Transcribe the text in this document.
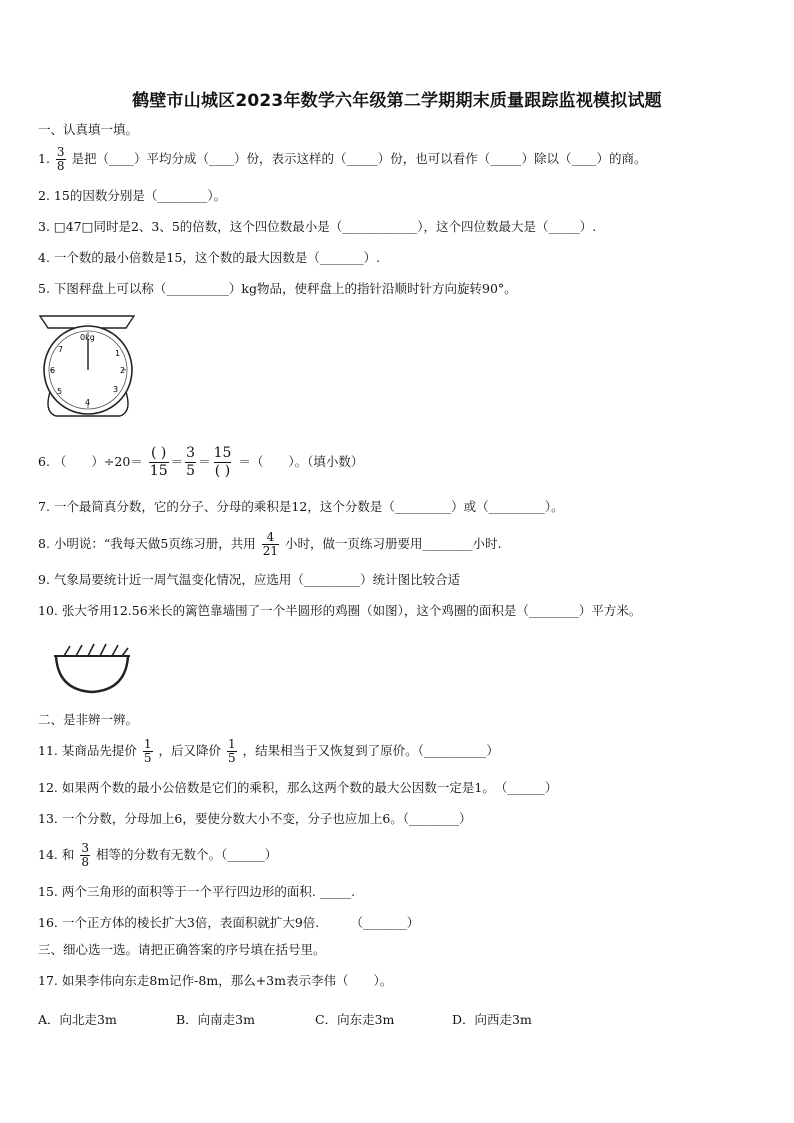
鹤壁市山城区2023年数学六年级第二学期期末质量跟踪监视模拟试题
一、认真填一填。
1. $\frac{3}{8}$ 是把（____）平均分成（____）份，表示这样的（_____）份，也可以看作（_____）除以（____）的商。
2. 15的因数分别是（________）。
3. □47□同时是2、3、5的倍数，这个四位数最小是（____________），这个四位数最大是（_____）.
4. 一个数的最小倍数是15，这个数的最大因数是（_______）.
5. 下图秤盘上可以称（__________）kg物品，使秤盘上的指针沿顺时针方向旋转90°。
0kg
1
2
3
4
5
6
7
6. （　　）$\div 20= \frac{( )}{15} = \frac{3}{5} = \frac{15}{( )}$ ＝（　　）。（填小数）
7. 一个最简真分数，它的分子、分母的乘积是12，这个分数是（_________）或（_________）。
8. 小明说：“我每天做5页练习册，共用 $\frac{4}{21}$ 小时，做一页练习册要用________小时.
9. 气象局要统计近一周气温变化情况，应选用（_________）统计图比较合适
10. 张大爷用12.56米长的篱笆靠墙围了一个半圆形的鸡圈（如图），这个鸡圈的面积是（________）平方米。
二、是非辨一辨。
11. 某商品先提价 $\frac{1}{5}$ ，后又降价 $\frac{1}{5}$ ，结果相当于又恢复到了原价。（__________）
12. 如果两个数的最小公倍数是它们的乘积，那么这两个数的最大公因数一定是1。　（______）
13. 一个分数，分母加上6，要使分数大小不变，分子也应加上6。（________）
14. 和 $\frac{3}{8}$ 相等的分数有无数个。（______）
15. 两个三角形的面积等于一个平行四边形的面积. _____.
16. 一个正方体的棱长扩大3倍，表面积就扩大9倍.　　　（_______）
三、细心选一选。请把正确答案的序号填在括号里。
17. 如果李伟向东走8m记作-8m，那么+3m表示李伟（　　）。
A．向北走3m	B．向南走3m	C．向东走3m	D．向西走3m
